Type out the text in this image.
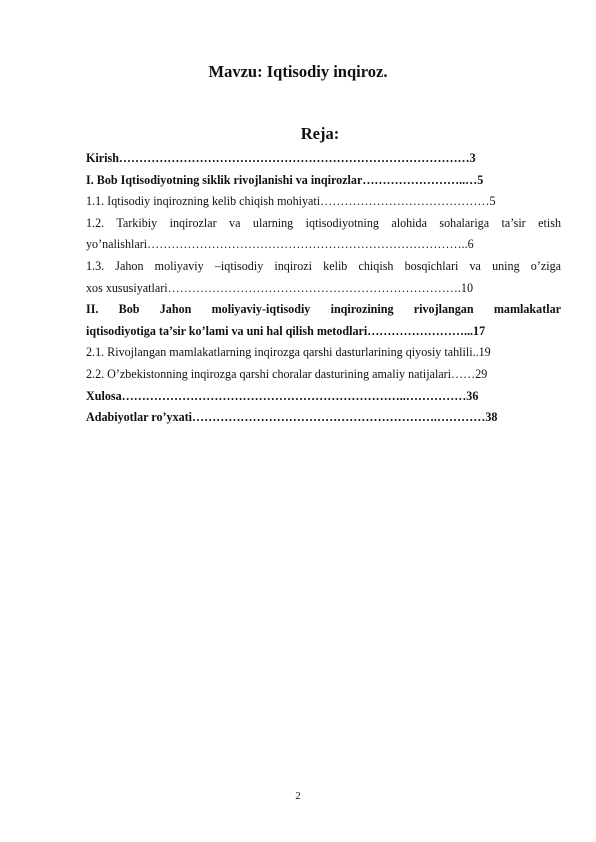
Mavzu: Iqtisodiy inqiroz.
Reja:
Kirish……………………………………………………………………………3
I. Bob Iqtisodiyotning siklik rivojlanishi va inqirozlar……………………..…5
1.1. Iqtisodiy inqirozning kelib chiqish mohiyati……………………………………5
1.2. Tarkibiy inqirozlar va ularning iqtisodiyotning alohida sohalariga ta’sir etish
yo’nalishlari……………………………………………………………………..6
1.3. Jahon moliyaviy –iqtisodiy inqirozi kelib chiqish bosqichlari va uning o’ziga
xos xususiyatlari……………………………………………………………….10
II. Bob Jahon moliyaviy-iqtisodiy inqirozining rivojlangan mamlakatlar
iqtisodiyotiga ta’sir ko’lami va uni hal qilish metodlari……………………...17
2.1. Rivojlangan mamlakatlarning inqirozga qarshi dasturlarining qiyosiy tahlili..19
2.2. O’zbekistonning inqirozga qarshi choralar dasturining amaliy natijalari……29
Xulosa……………………………………………………………..……………36
Adabiyotlar ro’yxati…………………………………………………….…………38
2
